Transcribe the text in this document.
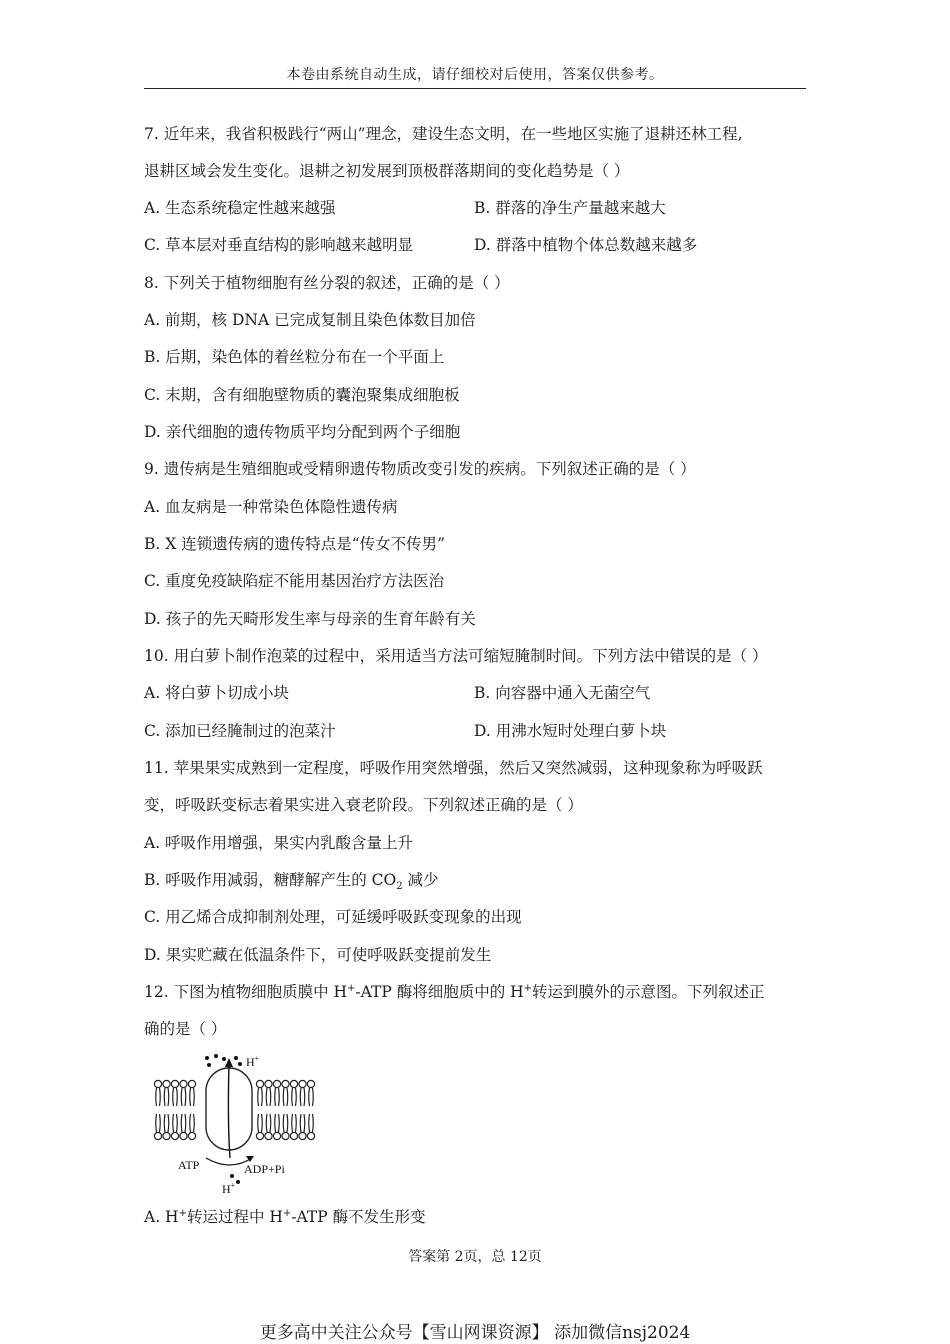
本卷由系统自动生成，请仔细校对后使用，答案仅供参考。
7. 近年来，我省积极践行“两山”理念，建设生态文明，在一些地区实施了退耕还林工程,
退耕区域会发生变化。退耕之初发展到顶极群落期间的变化趋势是（ ）
A. 生态系统稳定性越来越强	B. 群落的净生产量越来越大
C. 草本层对垂直结构的影响越来越明显	D. 群落中植物个体总数越来越多
8. 下列关于植物细胞有丝分裂的叙述，正确的是（ ）
A. 前期，核 DNA 已完成复制且染色体数目加倍
B. 后期，染色体的着丝粒分布在一个平面上
C. 末期，含有细胞壁物质的囊泡聚集成细胞板
D. 亲代细胞的遗传物质平均分配到两个子细胞
9. 遗传病是生殖细胞或受精卵遗传物质改变引发的疾病。下列叙述正确的是（ ）
A. 血友病是一种常染色体隐性遗传病
B. X 连锁遗传病的遗传特点是“传女不传男”
C. 重度免疫缺陷症不能用基因治疗方法医治
D. 孩子的先天畸形发生率与母亲的生育年龄有关
10. 用白萝卜制作泡菜的过程中，采用适当方法可缩短腌制时间。下列方法中错误的是（ ）
A. 将白萝卜切成小块	B. 向容器中通入无菌空气
C. 添加已经腌制过的泡菜汁	D. 用沸水短时处理白萝卜块
11. 苹果果实成熟到一定程度，呼吸作用突然增强，然后又突然减弱，这种现象称为呼吸跃
变，呼吸跃变标志着果实进入衰老阶段。下列叙述正确的是（ ）
A. 呼吸作用增强，果实内乳酸含量上升
B. 呼吸作用减弱，糖酵解产生的 $CO_2$ 减少
C. 用乙烯合成抑制剂处理，可延缓呼吸跃变现象的出现
D. 果实贮藏在低温条件下，可使呼吸跃变提前发生
12. 下图为植物细胞质膜中 H+-ATP 酶将细胞质中的 H+转运到膜外的示意图。下列叙述正
确的是（ ）
H+
ATP	ADP+Pi
H+
A. H+转运过程中 H+-ATP 酶不发生形变
答案第 2页，总 12页
更多高中关注公众号【雪山网课资源】 添加微信nsj2024
